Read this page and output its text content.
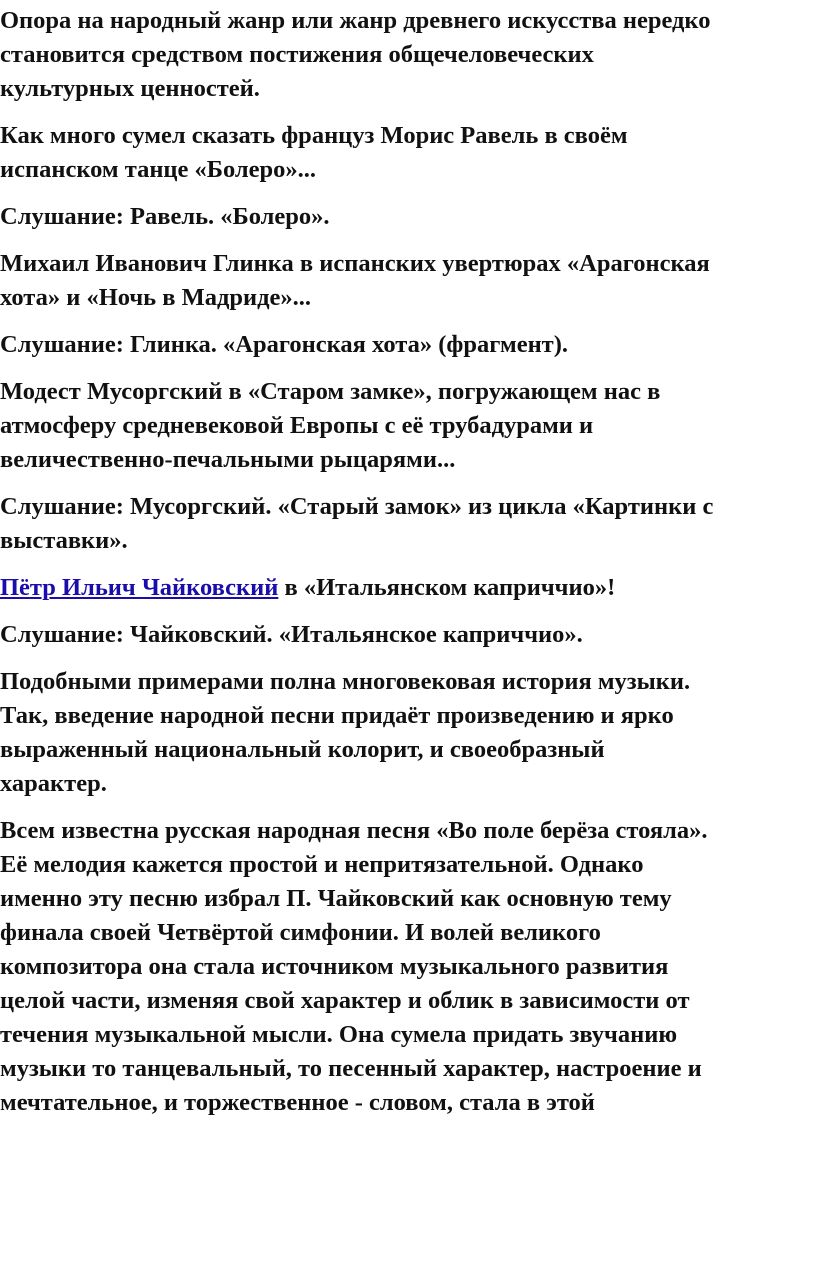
Опора на народный жанр или жанр древнего искусства нередко
становится средством постижения общечеловеческих
культурных ценностей.

Как много сумел сказать француз Морис Равель в своём
испанском танце «Болеро»...

Слушание: Равель. «Болеро».

Михаил Иванович Глинка в испанских увертюрах «Арагонская
хота» и «Ночь в Мадриде»...

Слушание: Глинка. «Арагонская хота» (фрагмент).

Модест Мусоргский в «Старом замке», погружающем нас в
атмосферу средневековой Европы с её трубадурами и
величественно-печальными рыцарями...

Слушание: Мусоргский. «Старый замок» из цикла «Картинки с
выставки».

Пётр Ильич Чайковский в «Итальянском каприччио»!

Слушание: Чайковский. «Итальянское каприччио».

Подобными примерами полна многовековая история музыки.
Так, введение народной песни придаёт произведению и ярко
выраженный национальный колорит, и своеобразный
характер.

Всем известна русская народная песня «Во поле берёза стояла».
Её мелодия кажется простой и непритязательной. Однако
именно эту песню избрал П. Чайковский как основную тему
финала своей Четвёртой симфонии. И волей великого
композитора она стала источником музыкального развития
целой части, изменяя свой характер и облик в зависимости от
течения музыкальной мысли. Она сумела придать звучанию
музыки то танцевальный, то песенный характер, настроение и
мечтательное, и торжественное - словом, стала в этой
